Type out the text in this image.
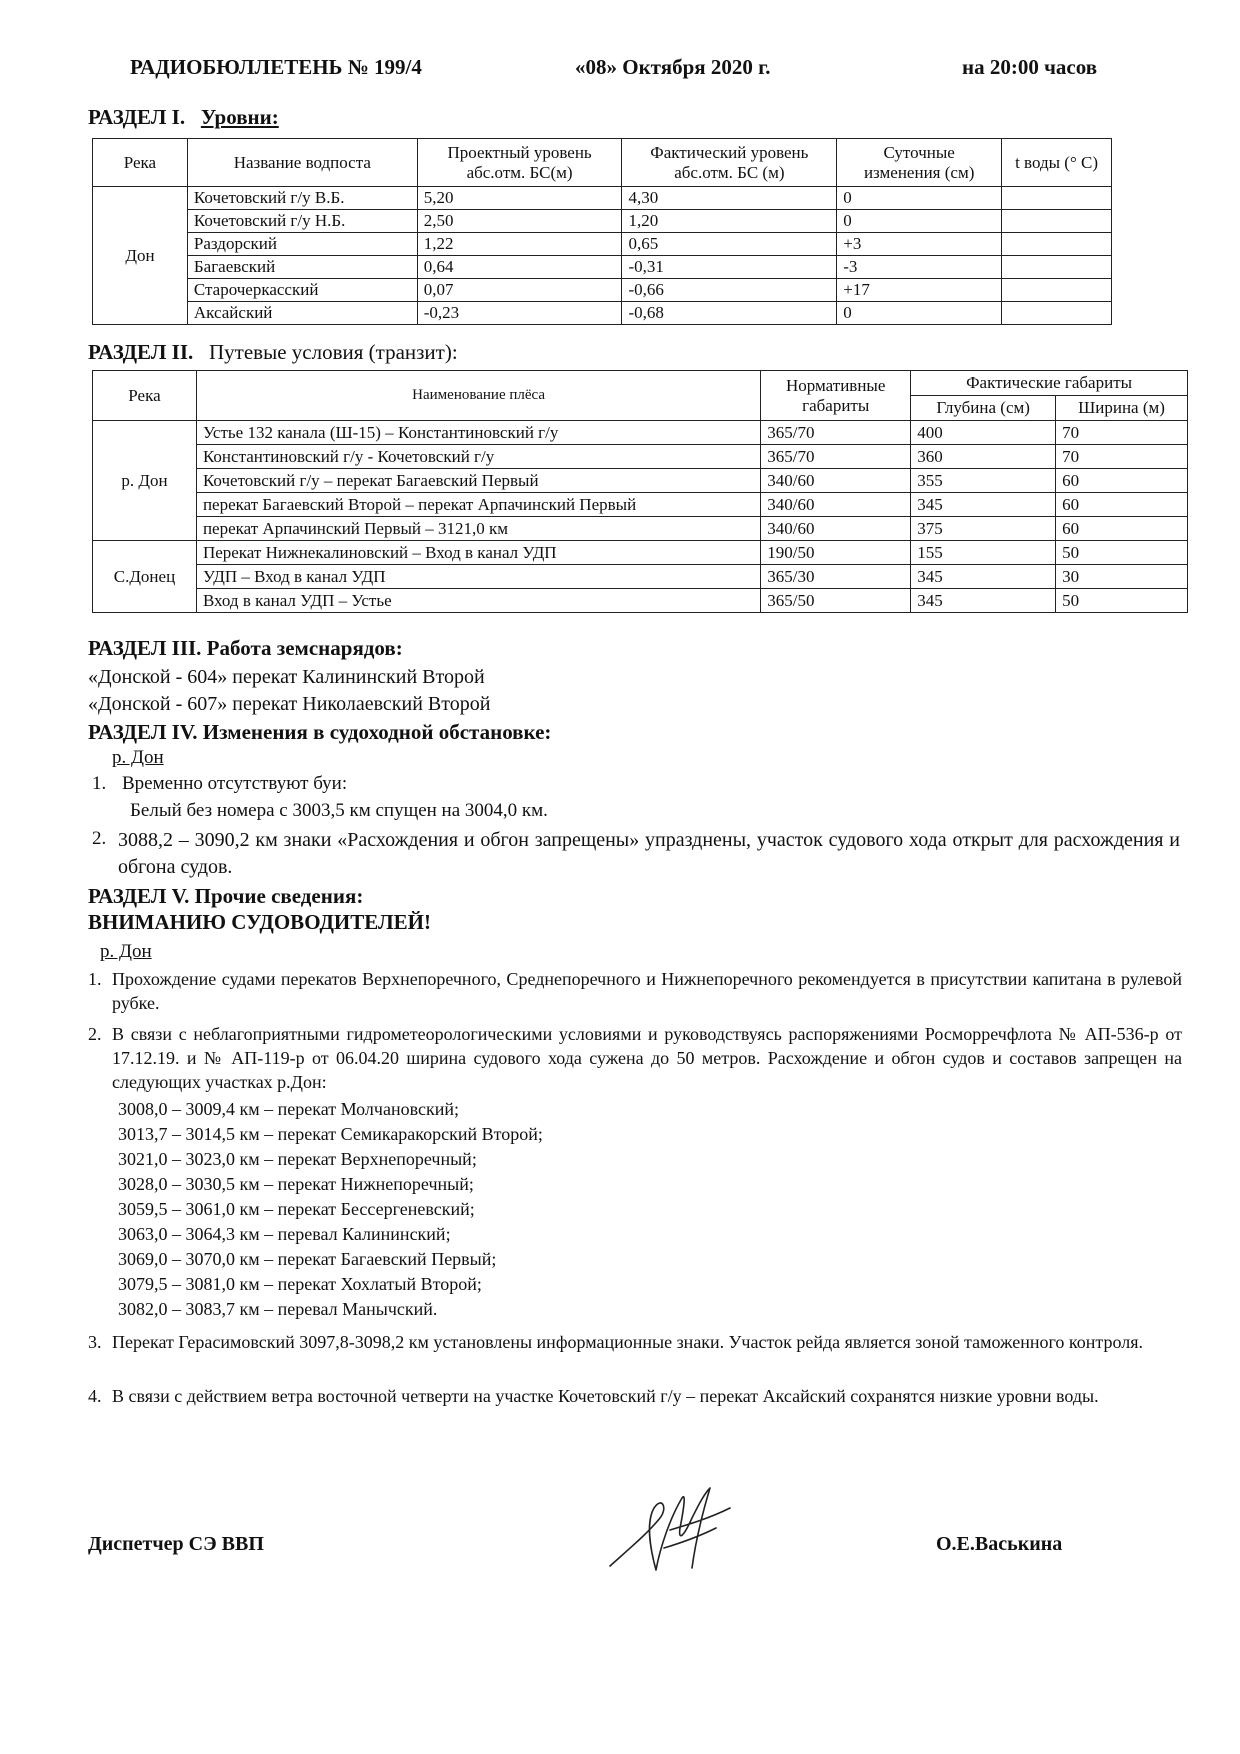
РАДИОБЮЛЛЕТЕНЬ № 199/4	«08» Октября 2020 г.	на 20:00 часов
РАЗДЕЛ I. Уровни:
Река	Название водпоста	Проектный уровень абс.отм. БС(м)	Фактический уровень абс.отм. БС (м)	Суточные изменения (см)	t воды (° С)
Дон	Кочетовский г/у В.Б.	5,20	4,30	0	
	Кочетовский г/у Н.Б.	2,50	1,20	0	
	Раздорский	1,22	0,65	+3	
	Багаевский	0,64	-0,31	-3	
	Старочеркасский	0,07	-0,66	+17	
	Аксайский	-0,23	-0,68	0	
РАЗДЕЛ II. Путевые условия (транзит):
Река	Наименование плёса	Нормативные габариты	Фактические габариты	
			Глубина (см)	Ширина (м)
р. Дон	Устье 132 канала (Ш-15) – Константиновский г/у	365/70	400	70
	Константиновский г/у - Кочетовский г/у	365/70	360	70
	Кочетовский г/у – перекат Багаевский Первый	340/60	355	60
	перекат Багаевский Второй – перекат Арпачинский Первый	340/60	345	60
	перекат Арпачинский Первый – 3121,0 км	340/60	375	60
С.Донец	Перекат Нижнекалиновский – Вход в канал УДП	190/50	155	50
	УДП – Вход в канал УДП	365/30	345	30
	Вход в канал УДП – Устье	365/50	345	50
РАЗДЕЛ III. Работа земснарядов:
«Донской - 604» перекат Калининский Второй
«Донской - 607» перекат Николаевский Второй
РАЗДЕЛ IV. Изменения в судоходной обстановке:
р. Дон
1. Временно отсутствуют буи:
Белый без номера с 3003,5 км спущен на 3004,0 км.
2. 3088,2 – 3090,2 км знаки «Расхождения и обгон запрещены» упразднены, участок судового хода открыт для расхождения и обгона судов.
РАЗДЕЛ V. Прочие сведения:
ВНИМАНИЮ СУДОВОДИТЕЛЕЙ!
р. Дон
1. Прохождение судами перекатов Верхнепоречного, Среднепоречного и Нижнепоречного рекомендуется в присутствии капитана в рулевой рубке.
2. В связи с неблагоприятными гидрометеорологическими условиями и руководствуясь распоряжениями Росморречфлота № АП-536-р от 17.12.19. и № АП-119-р от 06.04.20 ширина судового хода сужена до 50 метров. Расхождение и обгон судов и составов запрещен на следующих участках р.Дон:
3008,0 – 3009,4 км – перекат Молчановский;
3013,7 – 3014,5 км – перекат Семикаракорский Второй;
3021,0 – 3023,0 км – перекат Верхнепоречный;
3028,0 – 3030,5 км – перекат Нижнепоречный;
3059,5 – 3061,0 км – перекат Бессергеневский;
3063,0 – 3064,3 км – перевал Калининский;
3069,0 – 3070,0 км – перекат Багаевский Первый;
3079,5 – 3081,0 км – перекат Хохлатый Второй;
3082,0 – 3083,7 км – перевал Манычский.
3. Перекат Герасимовский 3097,8-3098,2 км установлены информационные знаки. Участок рейда является зоной таможенного контроля.
4. В связи с действием ветра восточной четверти на участке Кочетовский г/у – перекат Аксайский сохранятся низкие уровни воды.
Диспетчер СЭ ВВП	О.Е.Васькина
